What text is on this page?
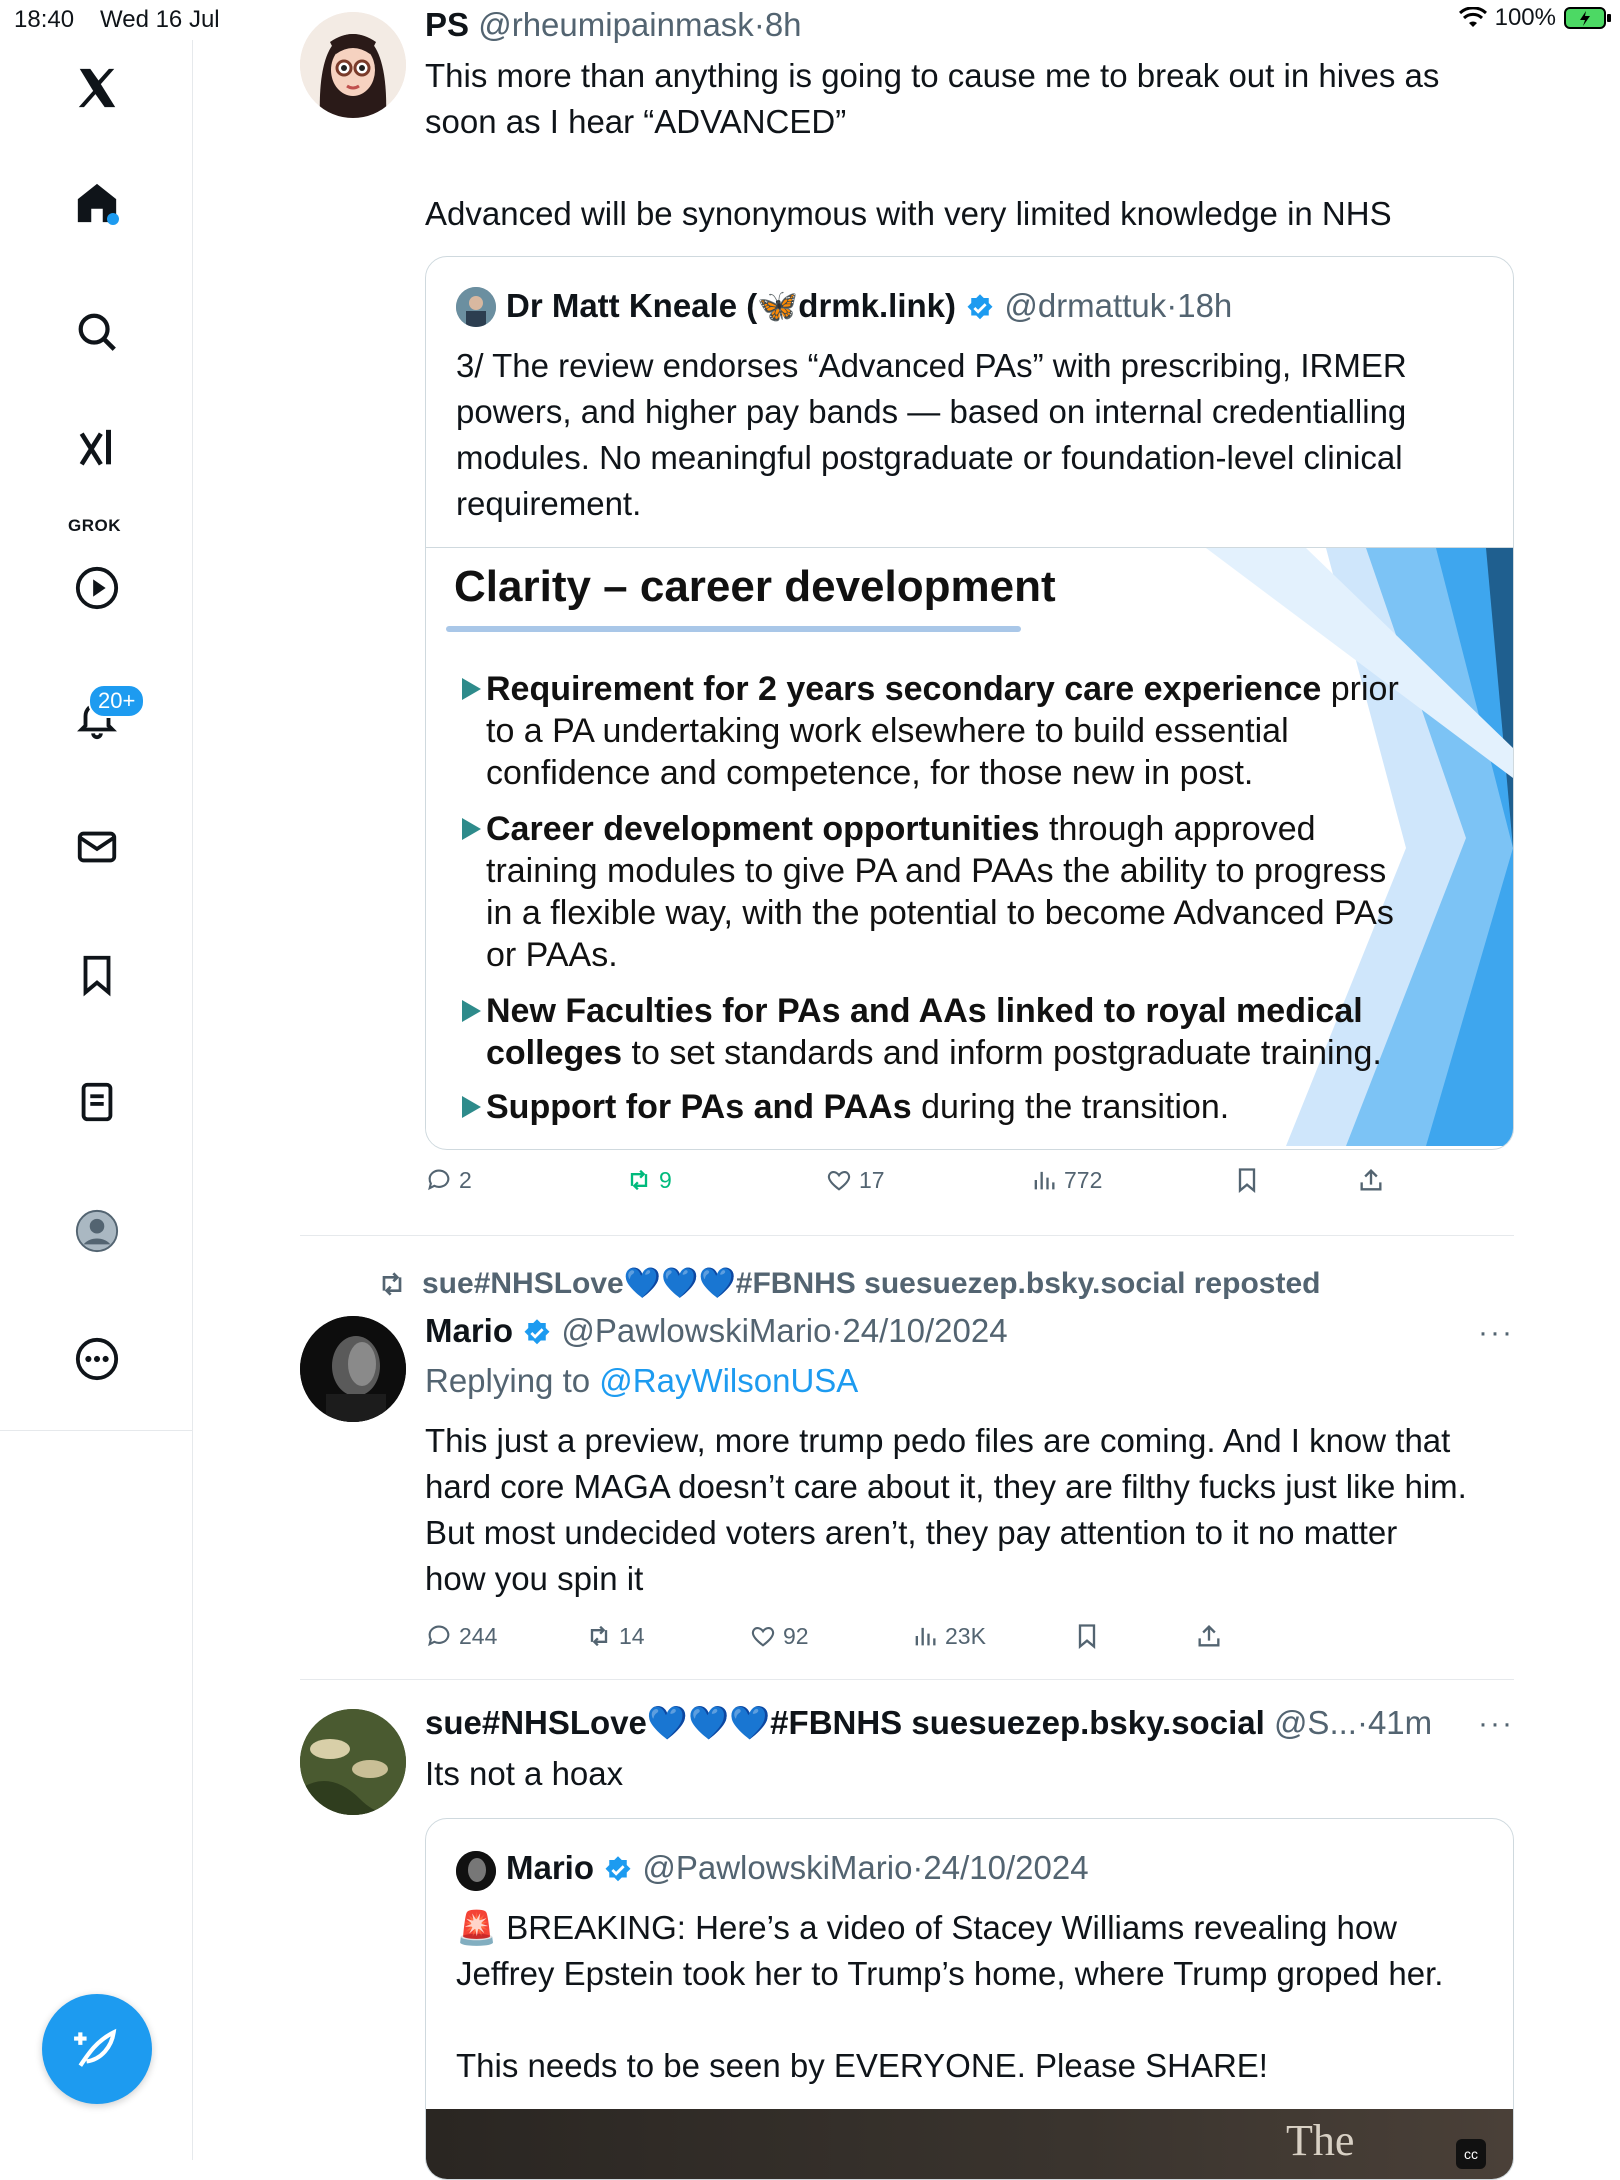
18:40 Wed 16 Jul	100%
GROK
20+
PS @rheumipainmask·8h
This more than anything is going to cause me to break out in hives as
soon as I hear “ADVANCED”
Advanced will be synonymous with very limited knowledge in NHS
Dr Matt Kneale (🦋drmk.link) @drmattuk·18h
3/ The review endorses “Advanced PAs” with prescribing, IRMER
powers, and higher pay bands — based on internal credentialling
modules. No meaningful postgraduate or foundation-level clinical
requirement.
Clarity – career development
Requirement for 2 years secondary care experience prior
to a PA undertaking work elsewhere to build essential
confidence and competence, for those new in post.
Career development opportunities through approved
training modules to give PA and PAAs the ability to progress
in a flexible way, with the potential to become Advanced PAs
or PAAs.
New Faculties for PAs and AAs linked to royal medical
colleges to set standards and inform postgraduate training.
Support for PAs and PAAs during the transition.
2	9	17	772
sue#NHSLove💙💙💙#FBNHS suesuezep.bsky.social reposted
Mario @PawlowskiMario·24/10/2024	···
Replying to @RayWilsonUSA
This just a preview, more trump pedo files are coming. And I know that
hard core MAGA doesn’t care about it, they are filthy fucks just like him.
But most undecided voters aren’t, they pay attention to it no matter
how you spin it
244	14	92	23K
sue#NHSLove💙💙💙#FBNHS suesuezep.bsky.social @S...·41m ···
Its not a hoax
Mario @PawlowskiMario·24/10/2024
🚨 BREAKING: Here’s a video of Stacey Williams revealing how
Jeffrey Epstein took her to Trump’s home, where Trump groped her.
This needs to be seen by EVERYONE. Please SHARE!
The	cc
